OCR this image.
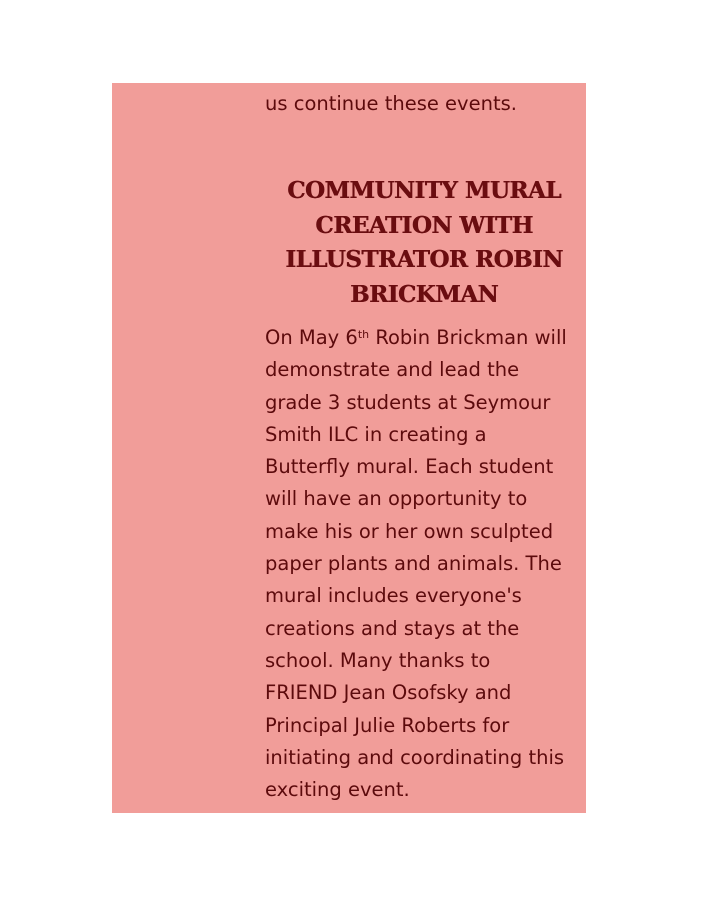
us continue these events.

COMMUNITY MURAL
CREATION WITH
ILLUSTRATOR ROBIN
BRICKMAN

On May 6th Robin Brickman will
demonstrate and lead the
grade 3 students at Seymour
Smith ILC in creating a
Butterfly mural. Each student
will have an opportunity to
make his or her own sculpted
paper plants and animals. The
mural includes everyone's
creations and stays at the
school. Many thanks to
FRIEND Jean Osofsky and
Principal Julie Roberts for
initiating and coordinating this
exciting event.
